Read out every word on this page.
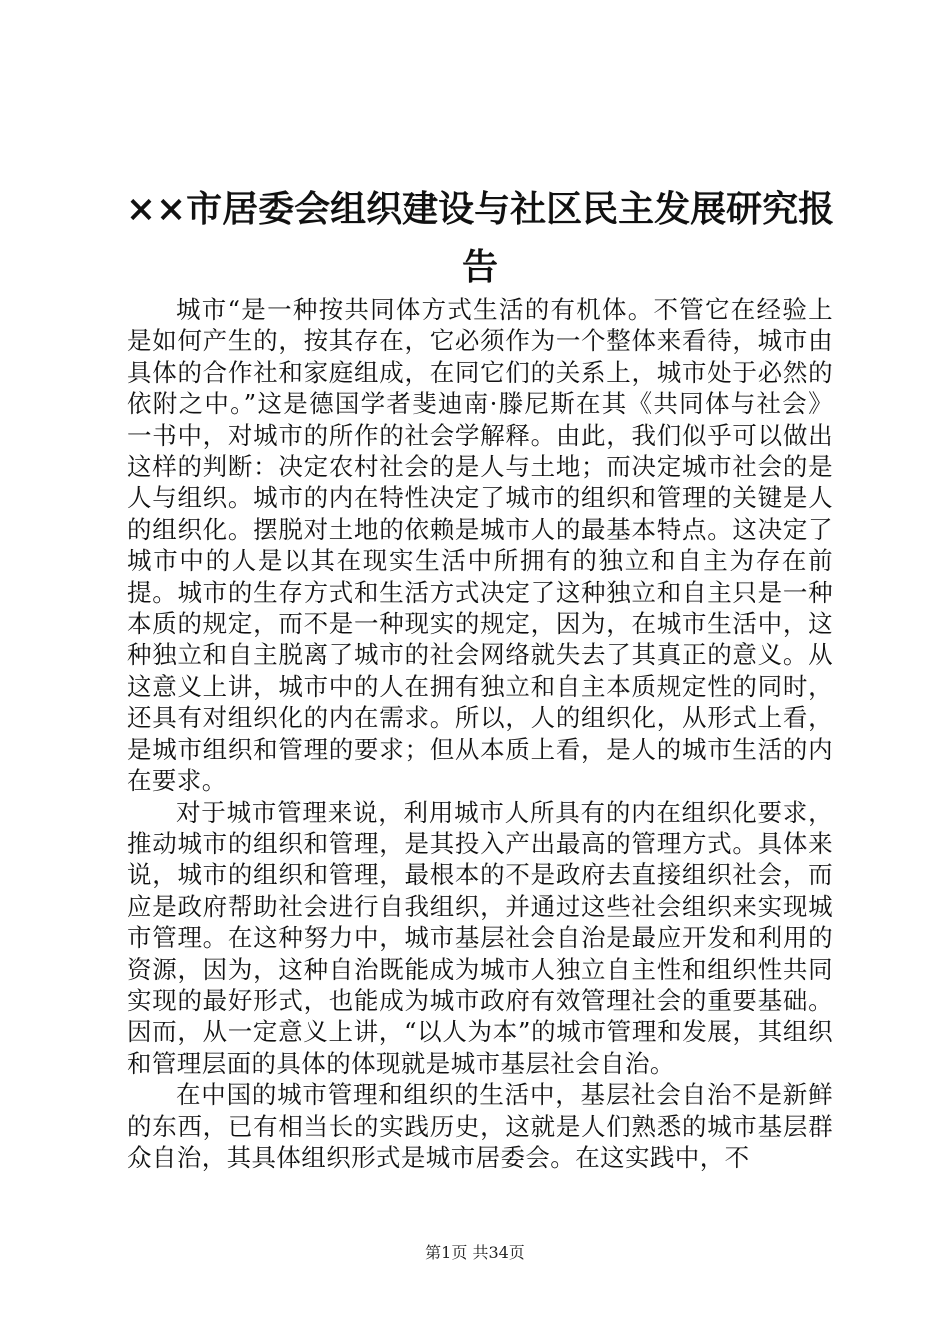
××市居委会组织建设与社区民主发展研究报告

城市“是一种按共同体方式生活的有机体。不管它在经验上是如何产生的，按其存在，它必须作为一个整体来看待，城市由具体的合作社和家庭组成，在同它们的关系上，城市处于必然的依附之中。”这是德国学者斐迪南·滕尼斯在其《共同体与社会》一书中，对城市的所作的社会学解释。由此，我们似乎可以做出这样的判断：决定农村社会的是人与土地；而决定城市社会的是人与组织。城市的内在特性决定了城市的组织和管理的关键是人的组织化。摆脱对土地的依赖是城市人的最基本特点。这决定了城市中的人是以其在现实生活中所拥有的独立和自主为存在前提。城市的生存方式和生活方式决定了这种独立和自主只是一种本质的规定，而不是一种现实的规定，因为，在城市生活中，这种独立和自主脱离了城市的社会网络就失去了其真正的意义。从这意义上讲，城市中的人在拥有独立和自主本质规定性的同时，还具有对组织化的内在需求。所以，人的组织化，从形式上看，是城市组织和管理的要求；但从本质上看，是人的城市生活的内在要求。

对于城市管理来说，利用城市人所具有的内在组织化要求，推动城市的组织和管理，是其投入产出最高的管理方式。具体来说，城市的组织和管理，最根本的不是政府去直接组织社会，而应是政府帮助社会进行自我组织，并通过这些社会组织来实现城市管理。在这种努力中，城市基层社会自治是最应开发和利用的资源，因为，这种自治既能成为城市人独立自主性和组织性共同实现的最好形式，也能成为城市政府有效管理社会的重要基础。因而，从一定意义上讲，“以人为本”的城市管理和发展，其组织和管理层面的具体的体现就是城市基层社会自治。

在中国的城市管理和组织的生活中，基层社会自治不是新鲜的东西，已有相当长的实践历史，这就是人们熟悉的城市基层群众自治，其具体组织形式是城市居委会。在这实践中，不

第1页 共34页
